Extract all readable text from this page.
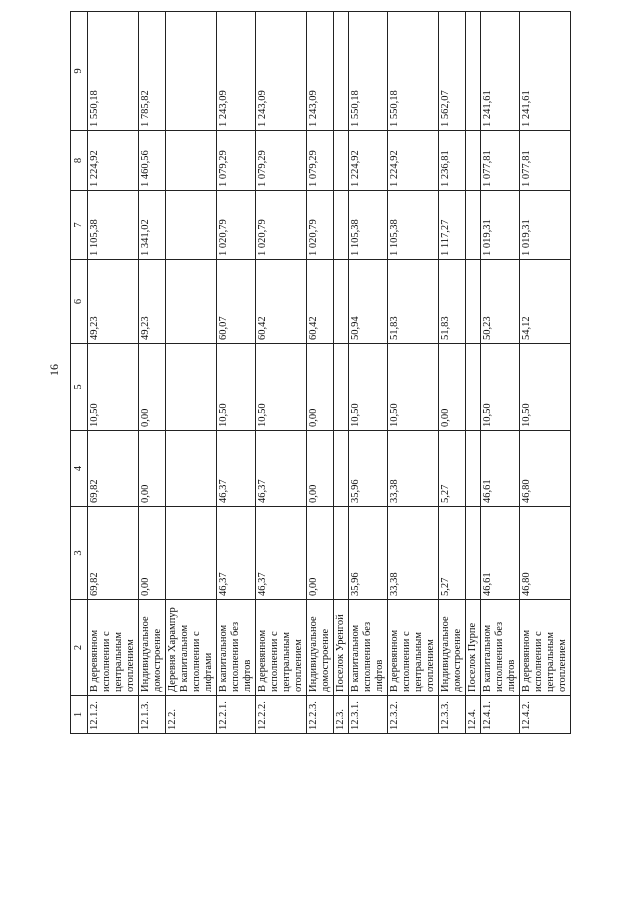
16
1	2	3	4	5	6	7	8	9
12.1.2.	В деревянном исполнении с центральным отоплением	69,82	69,82	10,50	49,23	1 105,38	1 224,92	1 550,18
12.1.3.	Индивидуальное домостроение	0,00	0,00	0,00	49,23	1 341,02	1 460,56	1 785,82
12.2.	Деревня Харампур В капитальном исполнении с лифтами							
12.2.1.	В капитальном исполнении без лифтов	46,37	46,37	10,50	60,07	1 020,79	1 079,29	1 243,09
12.2.2.	В деревянном исполнении с центральным отоплением	46,37	46,37	10,50	60,42	1 020,79	1 079,29	1 243,09
12.2.3.	Индивидуальное домостроение	0,00	0,00	0,00	60,42	1 020,79	1 079,29	1 243,09
12.3.	Поселок Уренгой							
12.3.1.	В капитальном исполнении без лифтов	35,96	35,96	10,50	50,94	1 105,38	1 224,92	1 550,18
12.3.2.	В деревянном исполнении с центральным отоплением	33,38	33,38	10,50	51,83	1 105,38	1 224,92	1 550,18
12.3.3.	Индивидуальное домостроение	5,27	5,27	0,00	51,83	1 117,27	1 236,81	1 562,07
12.4.	Поселок Пурпе							
12.4.1.	В капитальном исполнении без лифтов	46,61	46,61	10,50	50,23	1 019,31	1 077,81	1 241,61
12.4.2.	В деревянном исполнении с центральным отоплением	46,80	46,80	10,50	54,12	1 019,31	1 077,81	1 241,61
